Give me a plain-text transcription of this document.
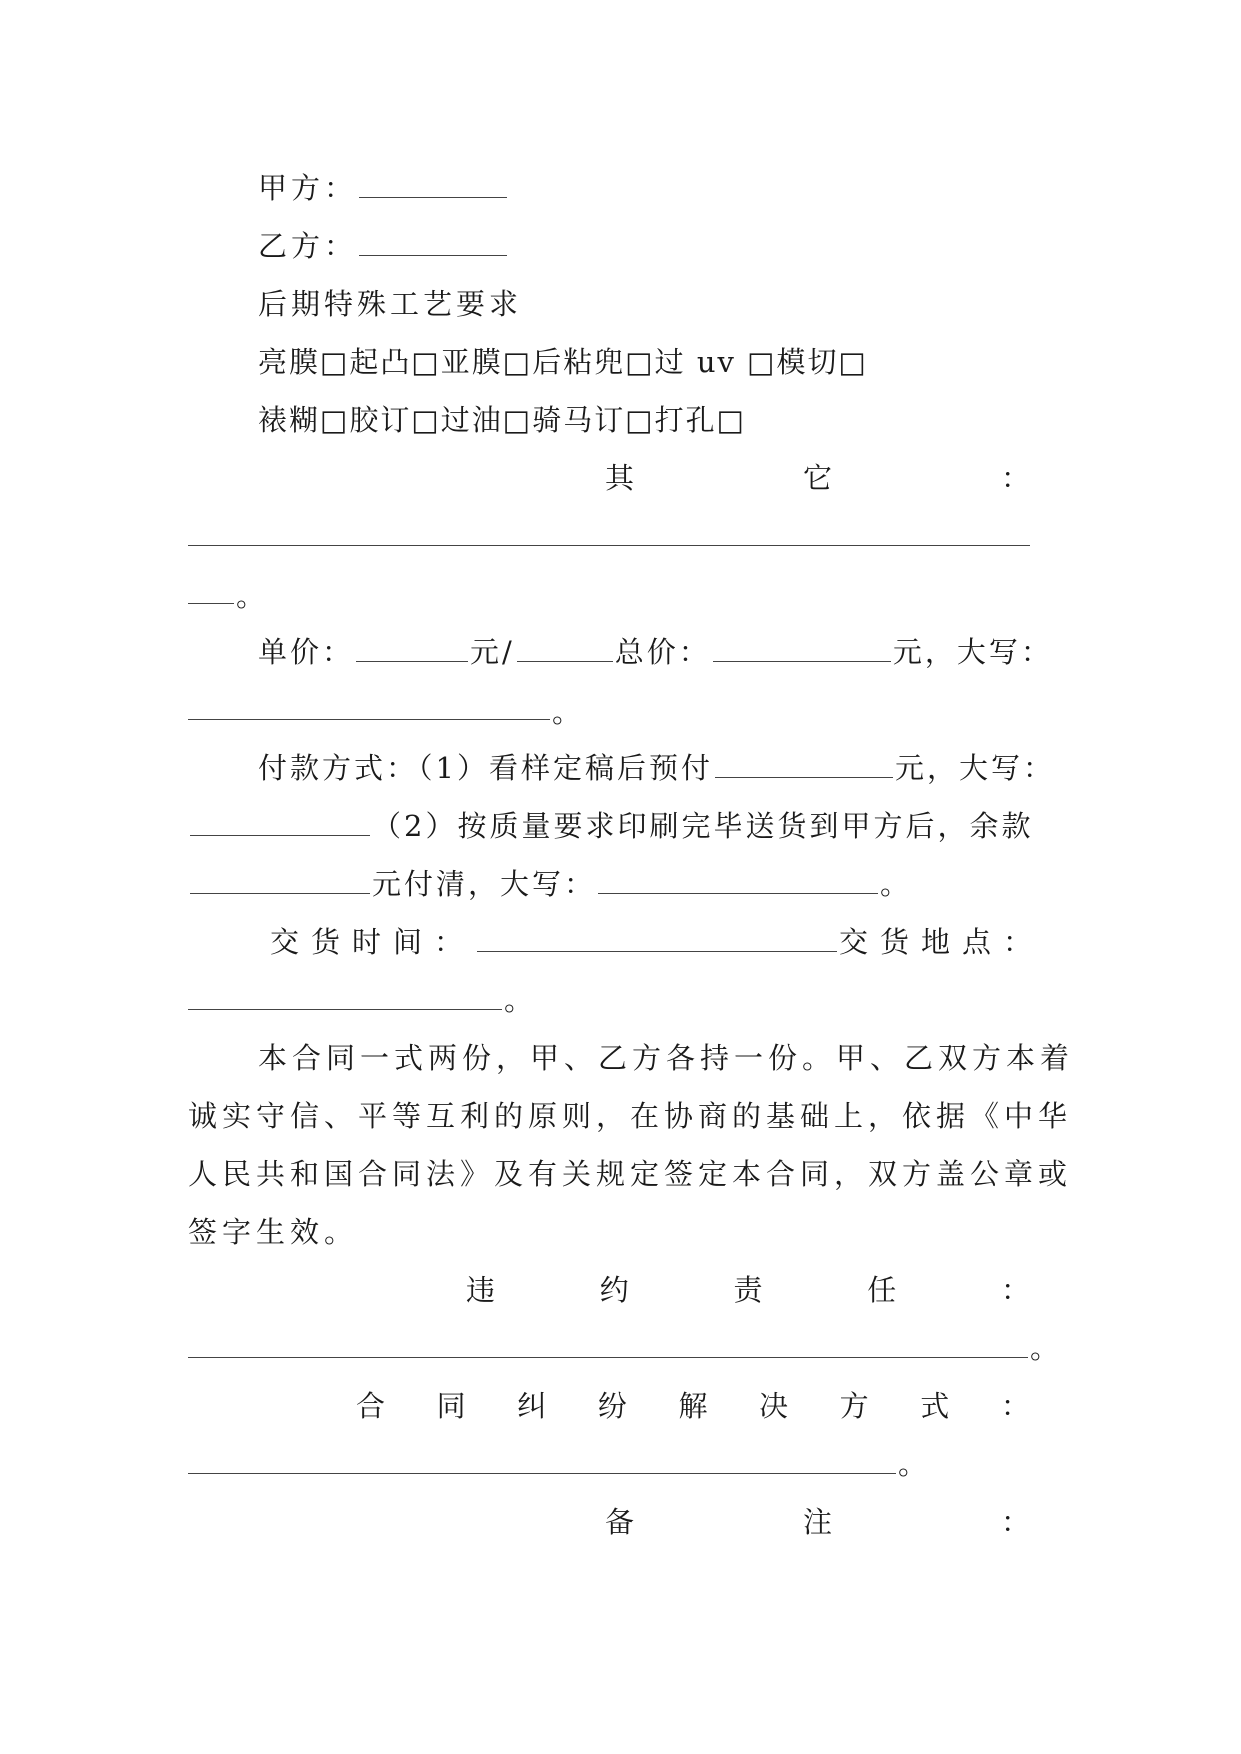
甲方：
乙方：
后期特殊工艺要求
亮膜□起凸□亚膜□后粘兜□过 uv □模切□
裱糊□胶订□过油□骑马订□打孔□
其	它	：
。
单价：	元/	总价：	元，大写：
。
付款方式：（1）看样定稿后预付	元，大写：
（2）按质量要求印刷完毕送货到甲方后，余款
元付清，大写：	。
交货时间：	交货地点：
。
本合同一式两份，甲、乙方各持一份。甲、乙双方本着
诚实守信、平等互利的原则，在协商的基础上，依据《中华
人民共和国合同法》及有关规定签定本合同，双方盖公章或
签字生效。
违	约	责	任	：
。
合 同 纠 纷 解 决 方 式 ：
。
备	注	：
